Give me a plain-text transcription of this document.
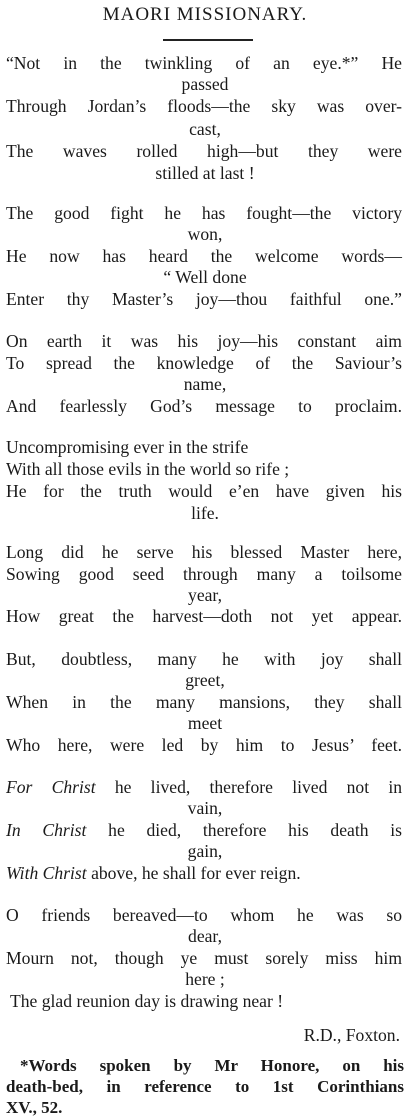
MAORI MISSIONARY.
“Not in the twinkling of an eye.*” He
passed
Through Jordan’s floods—the sky was over-
cast,
The waves rolled high—but they were
stilled at last !
The good fight he has fought—the victory
won,
He now has heard the welcome words—
“ Well done
Enter thy Master’s joy—thou faithful one.”
On earth it was his joy—his constant aim
To spread the knowledge of the Saviour’s
name,
And fearlessly God’s message to proclaim.
Uncompromising ever in the strife
With all those evils in the world so rife ;
He for the truth would e’en have given his
life.
Long did he serve his blessed Master here,
Sowing good seed through many a toilsome
year,
How great the harvest—doth not yet appear.
But, doubtless, many he with joy shall
greet,
When in the many mansions, they shall
meet
Who here, were led by him to Jesus’ feet.
For Christ he lived, therefore lived not in
vain,
In Christ he died, therefore his death is
gain,
With Christ above, he shall for ever reign.
O friends bereaved—to whom he was so
dear,
Mourn not, though ye must sorely miss him
here ;
The glad reunion day is drawing near !
R.D., Foxton.
*Words spoken by Mr Honore, on his
death-bed, in reference to 1st Corinthians
XV., 52.
